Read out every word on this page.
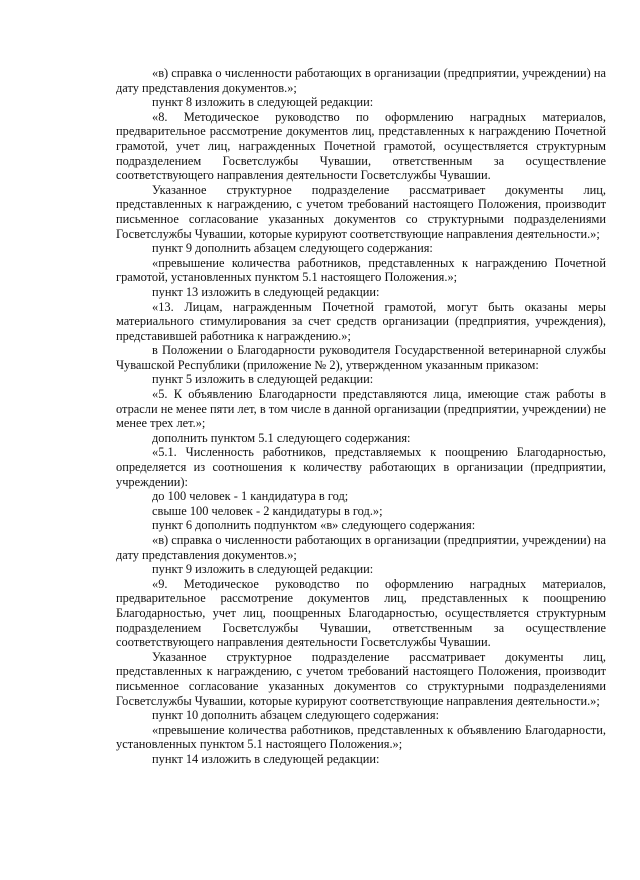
«в) справка о численности работающих в организации (предприятии, учреждении) на дату представления документов.»;

пункт 8 изложить в следующей редакции:

«8. Методическое руководство по оформлению наградных материалов, предварительное рассмотрение документов лиц, представленных к награждению Почетной грамотой, учет лиц, награжденных Почетной грамотой, осуществляется структурным подразделением Госветслужбы Чувашии, ответственным за осуществление соответствующего направления деятельности Госветслужбы Чувашии.

Указанное структурное подразделение рассматривает документы лиц, представленных к награждению, с учетом требований настоящего Положения, производит письменное согласование указанных документов со структурными подразделениями Госветслужбы Чувашии, которые курируют соответствующие направления деятельности.»;

пункт 9 дополнить абзацем следующего содержания:

«превышение количества работников, представленных к награждению Почетной грамотой, установленных пунктом 5.1 настоящего Положения.»;

пункт 13 изложить в следующей редакции:

«13. Лицам, награжденным Почетной грамотой, могут быть оказаны меры материального стимулирования за счет средств организации (предприятия, учреждения), представившей работника к награждению.»;

в Положении о Благодарности руководителя Государственной ветеринарной службы Чувашской Республики (приложение № 2), утвержденном указанным приказом:

пункт 5 изложить в следующей редакции:

«5. К объявлению Благодарности представляются лица, имеющие стаж работы в отрасли не менее пяти лет, в том числе в данной организации (предприятии, учреждении) не менее трех лет.»;

дополнить пунктом 5.1 следующего содержания:

«5.1. Численность работников, представляемых к поощрению Благодарностью, определяется из соотношения к количеству работающих в организации (предприятии, учреждении):

до 100 человек - 1 кандидатура в год;

свыше 100 человек - 2 кандидатуры в год.»;

пункт 6 дополнить подпунктом «в» следующего содержания:

«в) справка о численности работающих в организации (предприятии, учреждении) на дату представления документов.»;

пункт 9 изложить в следующей редакции:

«9. Методическое руководство по оформлению наградных материалов, предварительное рассмотрение документов лиц, представленных к поощрению Благодарностью, учет лиц, поощренных Благодарностью, осуществляется структурным подразделением Госветслужбы Чувашии, ответственным за осуществление соответствующего направления деятельности Госветслужбы Чувашии.

Указанное структурное подразделение рассматривает документы лиц, представленных к награждению, с учетом требований настоящего Положения, производит письменное согласование указанных документов со структурными подразделениями Госветслужбы Чувашии, которые курируют соответствующие направления деятельности.»;

пункт 10 дополнить абзацем следующего содержания:

«превышение количества работников, представленных к объявлению Благодарности, установленных пунктом 5.1 настоящего Положения.»;

пункт 14 изложить в следующей редакции:
